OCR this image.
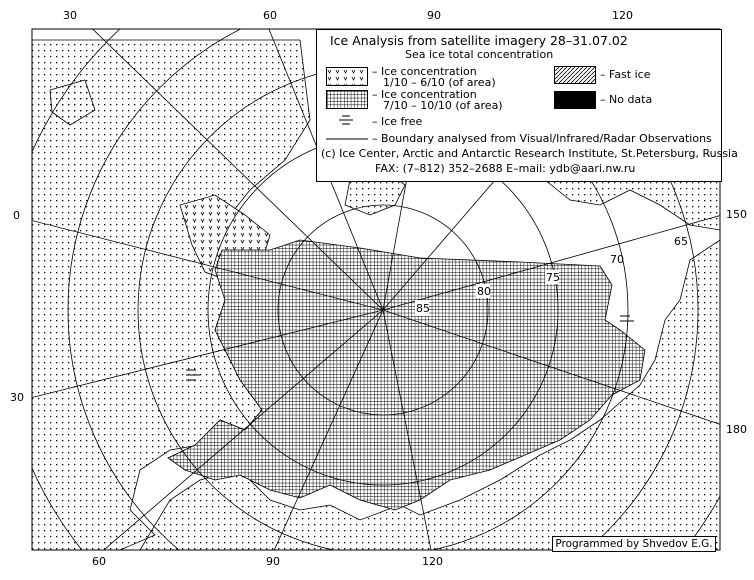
30	60	90	120
60	90	120
0
30
150
180
85
80
75
70
65
Ice Analysis from satellite imagery 28–31.07.02
Sea ice total concentration
– Ice concentration
1/10 – 6/10 (of area)
– Ice concentration
7/10 – 10/10 (of area)
– Fast ice
– No data
– Ice free
– Boundary analysed from Visual/Infrared/Radar Observations
(c) Ice Center, Arctic and Antarctic Research Institute, St.Petersburg, Russia
FAX: (7–812) 352–2688 E–mail: ydb@aari.nw.ru
Programmed by Shvedov E.G.
